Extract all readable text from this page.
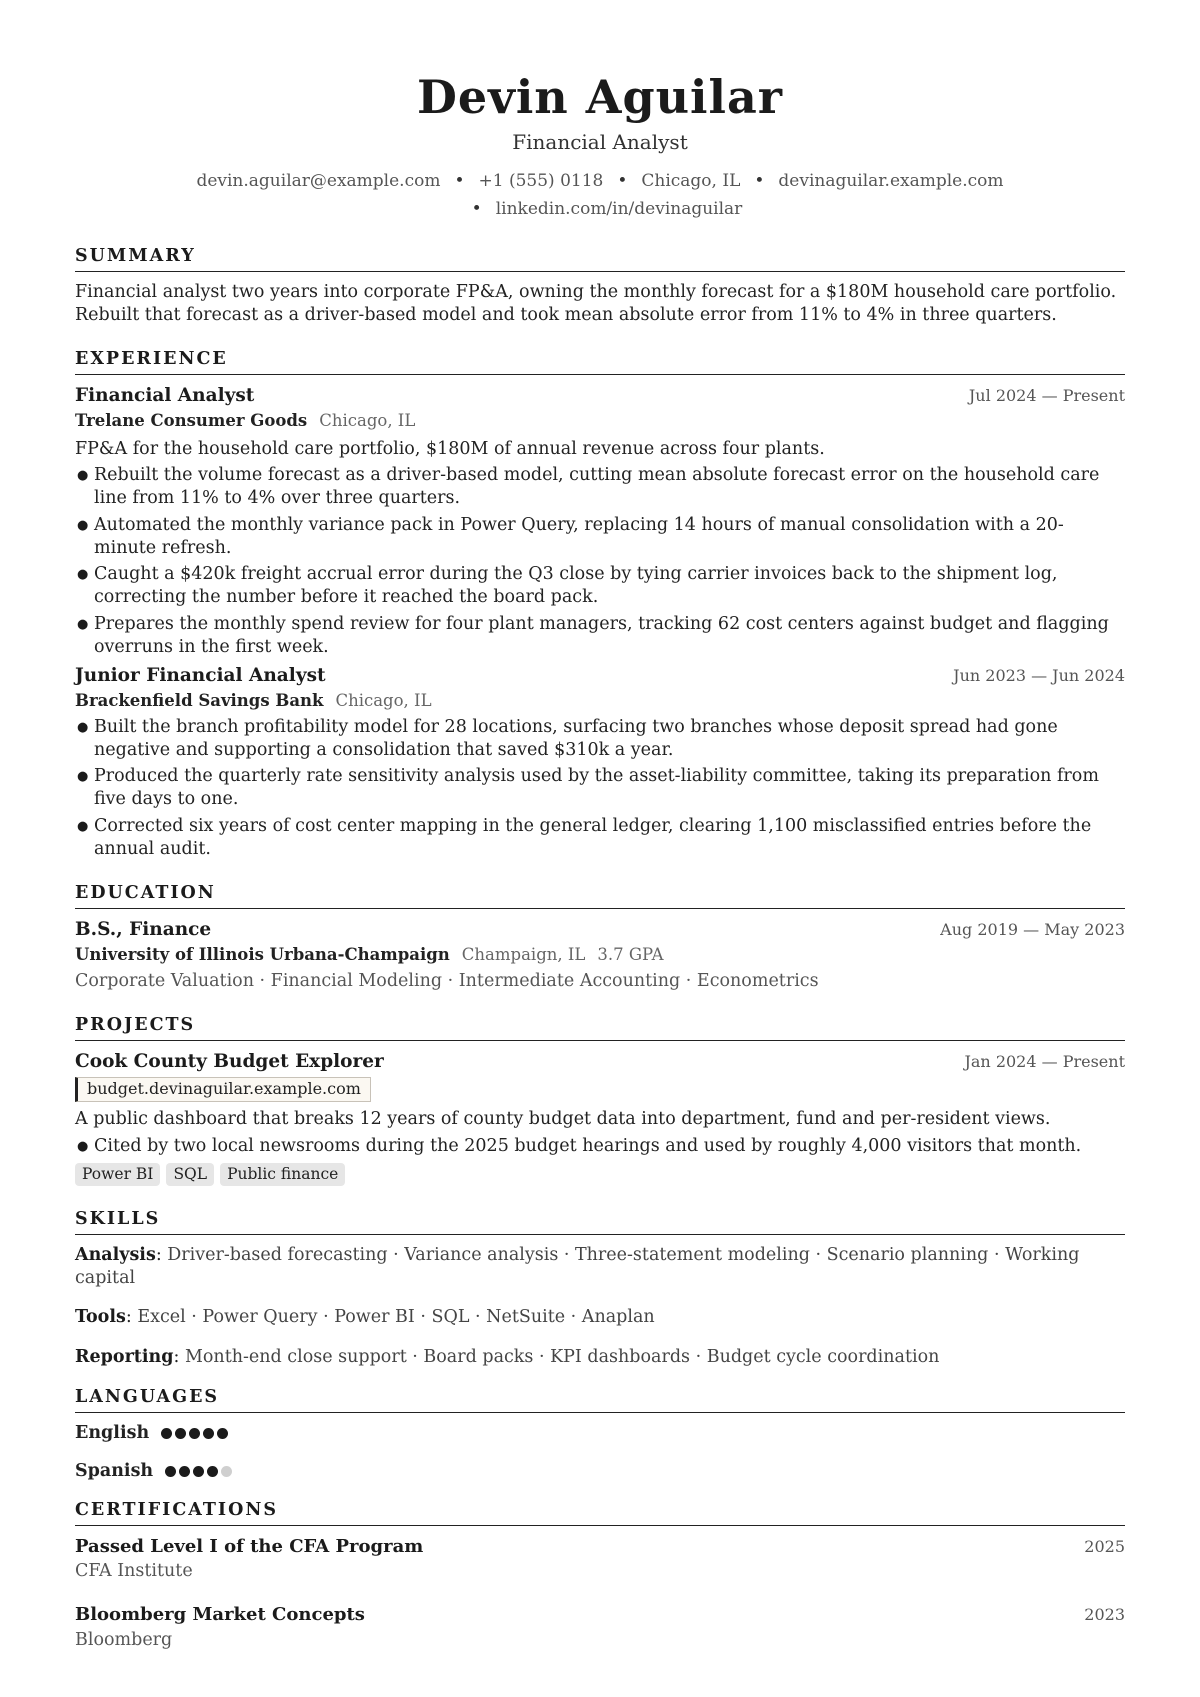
Devin Aguilar
Financial Analyst
devin.aguilar@example.com • +1 (555) 0118 • Chicago, IL • devinaguilar.example.com
• linkedin.com/in/devinaguilar
SUMMARY

Financial analyst two years into corporate FP&A, owning the monthly forecast for a $180M household care portfolio. Rebuilt that forecast as a driver-based model and took mean absolute error from 11% to 4% in three quarters.

EXPERIENCE
Financial Analyst	Jul 2024 — Present
Trelane Consumer Goods Chicago, IL

FP&A for the household care portfolio, $180M of annual revenue across four plants.

● Rebuilt the volume forecast as a driver-based model, cutting mean absolute forecast error on the household care line from 11% to 4% over three quarters.
● Automated the monthly variance pack in Power Query, replacing 14 hours of manual consolidation with a 20-minute refresh.
● Caught a $420k freight accrual error during the Q3 close by tying carrier invoices back to the shipment log, correcting the number before it reached the board pack.
● Prepares the monthly spend review for four plant managers, tracking 62 cost centers against budget and flagging overruns in the first week.
Junior Financial Analyst	Jun 2023 — Jun 2024
Brackenfield Savings Bank Chicago, IL
● Built the branch profitability model for 28 locations, surfacing two branches whose deposit spread had gone negative and supporting a consolidation that saved $310k a year.
● Produced the quarterly rate sensitivity analysis used by the asset-liability committee, taking its preparation from five days to one.
● Corrected six years of cost center mapping in the general ledger, clearing 1,100 misclassified entries before the annual audit.
EDUCATION
B.S., Finance	Aug 2019 — May 2023
University of Illinois Urbana-Champaign Champaign, IL 3.7 GPA

Corporate Valuation · Financial Modeling · Intermediate Accounting · Econometrics

PROJECTS
Cook County Budget Explorer	Jan 2024 — Present
budget.devinaguilar.example.com

A public dashboard that breaks 12 years of county budget data into department, fund and per-resident views.

● Cited by two local newsrooms during the 2025 budget hearings and used by roughly 4,000 visitors that month.
Power BI SQL Public finance
SKILLS
Analysis: Driver-based forecasting · Variance analysis · Three-statement modeling · Scenario planning · Working capital
Tools: Excel · Power Query · Power BI · SQL · NetSuite · Anaplan
Reporting: Month-end close support · Board packs · KPI dashboards · Budget cycle coordination
LANGUAGES
English
Spanish
CERTIFICATIONS
Passed Level I of the CFA Program	2025
CFA Institute
Bloomberg Market Concepts	2023
Bloomberg
